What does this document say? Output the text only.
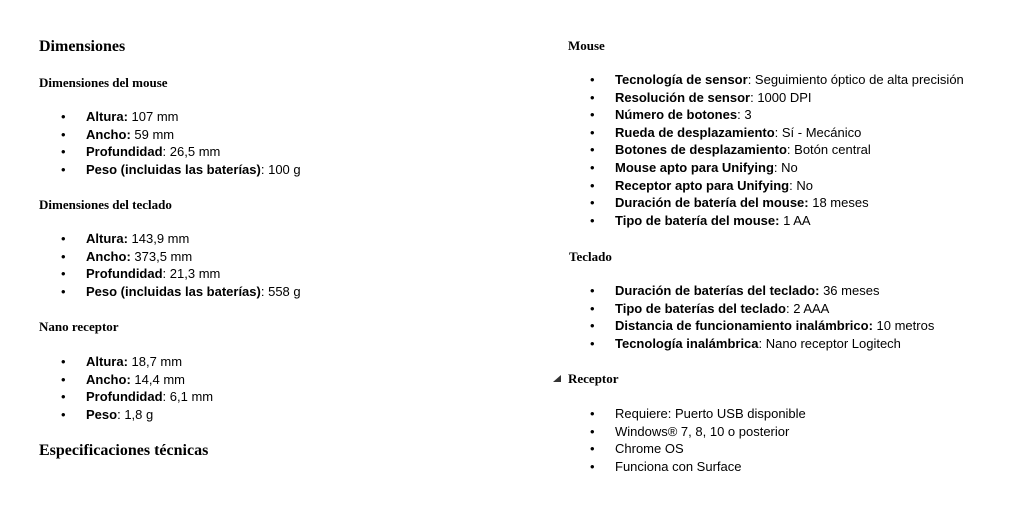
Dimensiones
Dimensiones del mouse
• Altura: 107 mm
• Ancho: 59 mm
• Profundidad: 26,5 mm
• Peso (incluidas las baterías): 100 g
Dimensiones del teclado
• Altura: 143,9 mm
• Ancho: 373,5 mm
• Profundidad: 21,3 mm
• Peso (incluidas las baterías): 558 g
Nano receptor
• Altura: 18,7 mm
• Ancho: 14,4 mm
• Profundidad: 6,1 mm
• Peso: 1,8 g
Especificaciones técnicas
Mouse
• Tecnología de sensor: Seguimiento óptico de alta precisión
• Resolución de sensor: 1000 DPI
• Número de botones: 3
• Rueda de desplazamiento: Sí - Mecánico
• Botones de desplazamiento: Botón central
• Mouse apto para Unifying: No
• Receptor apto para Unifying: No
• Duración de batería del mouse: 18 meses
• Tipo de batería del mouse: 1 AA
Teclado
• Duración de baterías del teclado: 36 meses
• Tipo de baterías del teclado: 2 AAA
• Distancia de funcionamiento inalámbrico: 10 metros
• Tecnología inalámbrica: Nano receptor Logitech
Receptor
• Requiere: Puerto USB disponible
• Windows® 7, 8, 10 o posterior
• Chrome OS
• Funciona con Surface
